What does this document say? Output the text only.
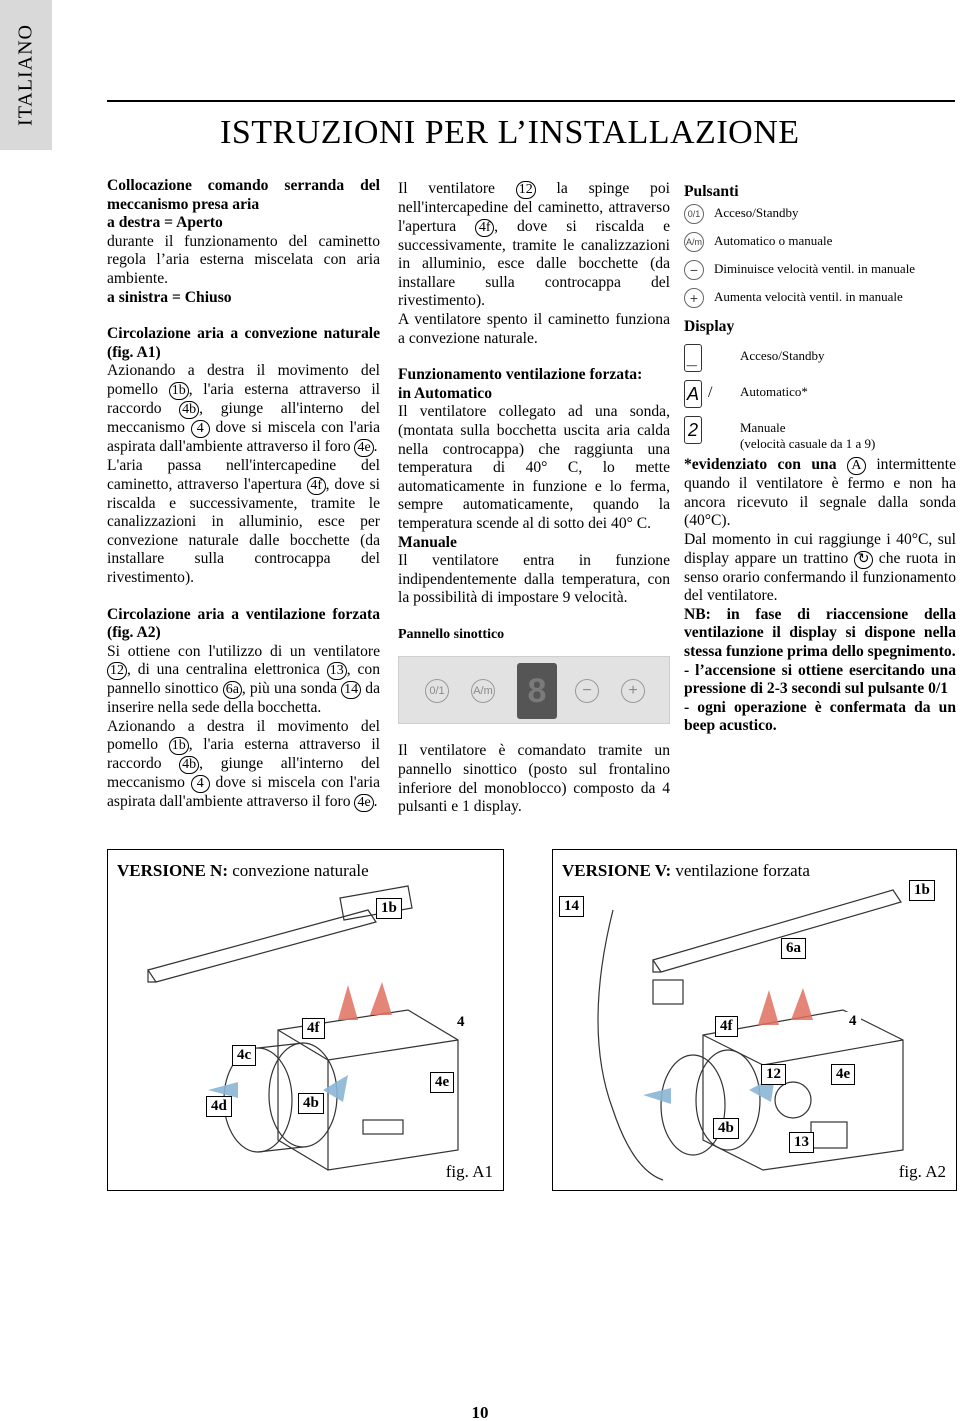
ITALIANO
ISTRUZIONI PER L’INSTALLAZIONE

Collocazione comando serranda del meccanismo presa aria

a destra = Aperto

durante il funzionamento del caminetto regola l’aria esterna miscelata con aria ambiente.

a sinistra = Chiuso

Circolazione aria a convezione naturale (fig. A1)

Azionando a destra il movimento del pomello 1b , l'aria esterna attraverso il raccordo 4b , giunge all'interno del meccanismo 4 dove si miscela con l'aria aspirata dall'ambiente attraverso il foro 4e .

L'aria passa nell'intercapedine del caminetto, attraverso l'apertura 4f , dove si riscalda e successivamente, tramite le canalizzazioni in alluminio, esce per convezione naturale dalle bocchette (da installare sulla controcappa del rivestimento).

Circolazione aria a ventilazione forzata (fig. A2)

Si ottiene con l'utilizzo di un ventilatore 12 , di una centralina elettronica 13 , con pannello sinottico 6a , più una sonda 14 da inserire nella sede della bocchetta.

Azionando a destra il movimento del pomello 1b , l'aria esterna attraverso il raccordo 4b , giunge all'interno del meccanismo 4 dove si miscela con l'aria aspirata dall'ambiente attraverso il foro 4e .

Il ventilatore 12 la spinge poi nell'intercapedine del caminetto, attraverso l'apertura 4f , dove si riscalda e successivamente, tramite le canalizzazioni in alluminio, esce dalle bocchette (da installare sulla controcappa del rivestimento).

A ventilatore spento il caminetto funziona a convezione naturale.

Funzionamento ventilazione forzata:

in Automatico

Il ventilatore collegato ad una sonda, (montata sulla bocchetta uscita aria calda nella controcappa) che raggiunta una temperatura di 40° C, lo mette automaticamente in funzione e lo ferma, sempre automaticamente, quando la temperatura scende al di sotto dei 40° C.

Manuale

Il ventilatore entra in funzione indipendentemente dalla temperatura, con la possibilità di impostare 9 velocità.

Pannello sinottico

0/1	A/m	8	−	+

Il ventilatore è comandato tramite un pannello sinottico (posto sul frontalino inferiore del monoblocco) composto da 4 pulsanti e 1 display.

Pulsanti

0/1 Acceso/Standby
A/m Automatico o manuale
−	Diminuisce velocità ventil. in manuale
+	Aumenta velocità ventil. in manuale

Display

_	Acceso/Standby
A / Automatico*
2	Manuale
(velocità casuale da 1 a 9)

*evidenziato con una A intermittente quando il ventilatore è fermo e non ha ancora ricevuto il segnale dalla sonda (40°C).

Dal momento in cui raggiunge i 40°C, sul display appare un trattino ↻ che ruota in senso orario confermando il funzionamento del ventilatore.

NB: in fase di riaccensione della ventilazione il display si dispone nella stessa funzione prima dello spegnimento.

- l’accensione si ottiene esercitando una pressione di 2-3 secondi sul pulsante 0/1

- ogni operazione è confermata da un beep acustico.

VERSIONE N: convezione naturale
1b
4f	4
4c
4e
4d	4b
fig. A1
VERSIONE V: ventilazione forzata
1b
14
6a
4f	4
12	4e
4b
13
fig. A2
10
